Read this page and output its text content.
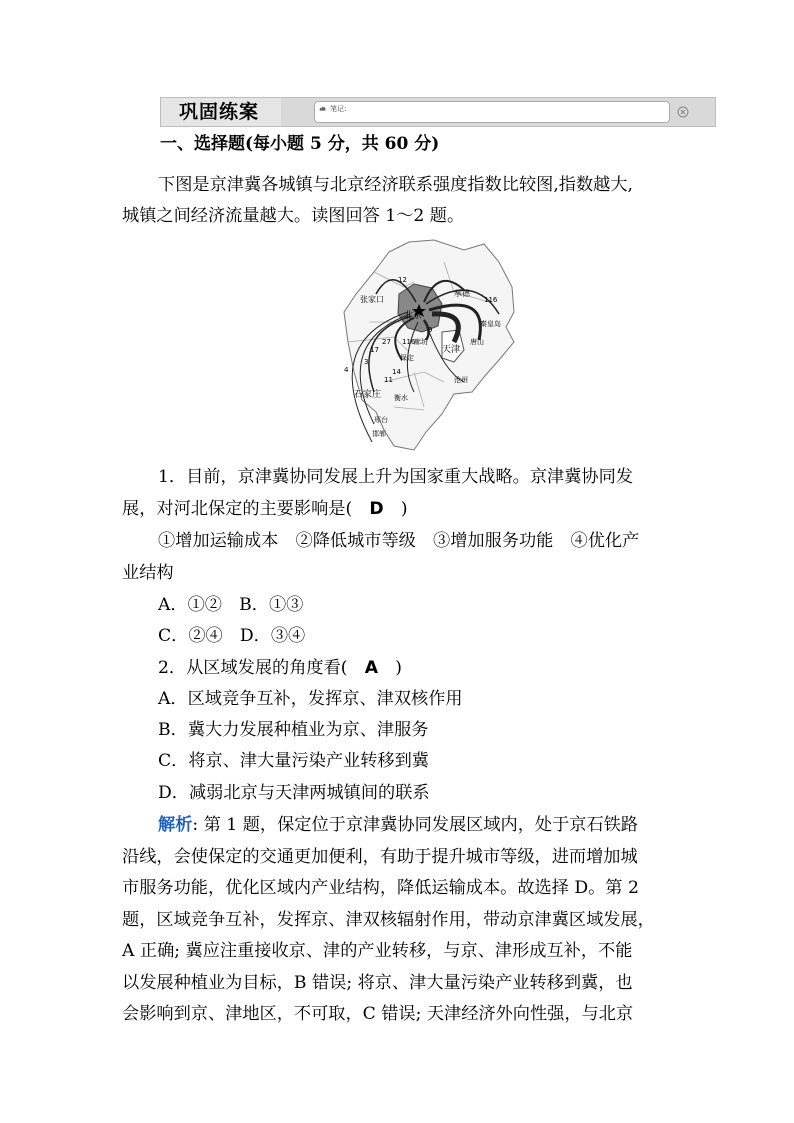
巩固练案	笔记:
一、选择题(每小题 5 分，共 60 分)
下图是京津冀各城镇与北京经济联系强度指数比较图,指数越大,
城镇之间经济流量越大。读图回答 1～2 题。
张家口
北京
承德
秦皇岛
廊坊	唐山
天津
保定
沧州
石家庄 衡水
邢台
邯郸
12
116
116
27
17
14
11
4
3
9
1．目前，京津冀协同发展上升为国家重大战略。京津冀协同发
展，对河北保定的主要影响是(　 D　 )
①增加运输成本　②降低城市等级　③增加服务功能　④优化产
业结构
A．①②　B．①③
C．②④　D．③④
2．从区域发展的角度看(　 A　 )
A．区域竞争互补，发挥京、津双核作用
B．冀大力发展种植业为京、津服务
C．将京、津大量污染产业转移到冀
D．减弱北京与天津两城镇间的联系
解析: 第 1 题，保定位于京津冀协同发展区域内，处于京石铁路
沿线，会使保定的交通更加便利，有助于提升城市等级，进而增加城
市服务功能，优化区域内产业结构，降低运输成本。故选择 D。第 2
题，区域竞争互补，发挥京、津双核辐射作用，带动京津冀区域发展，
A 正确; 冀应注重接收京、津的产业转移，与京、津形成互补，不能
以发展种植业为目标，B 错误; 将京、津大量污染产业转移到冀，也
会影响到京、津地区，不可取，C 错误; 天津经济外向性强，与北京
